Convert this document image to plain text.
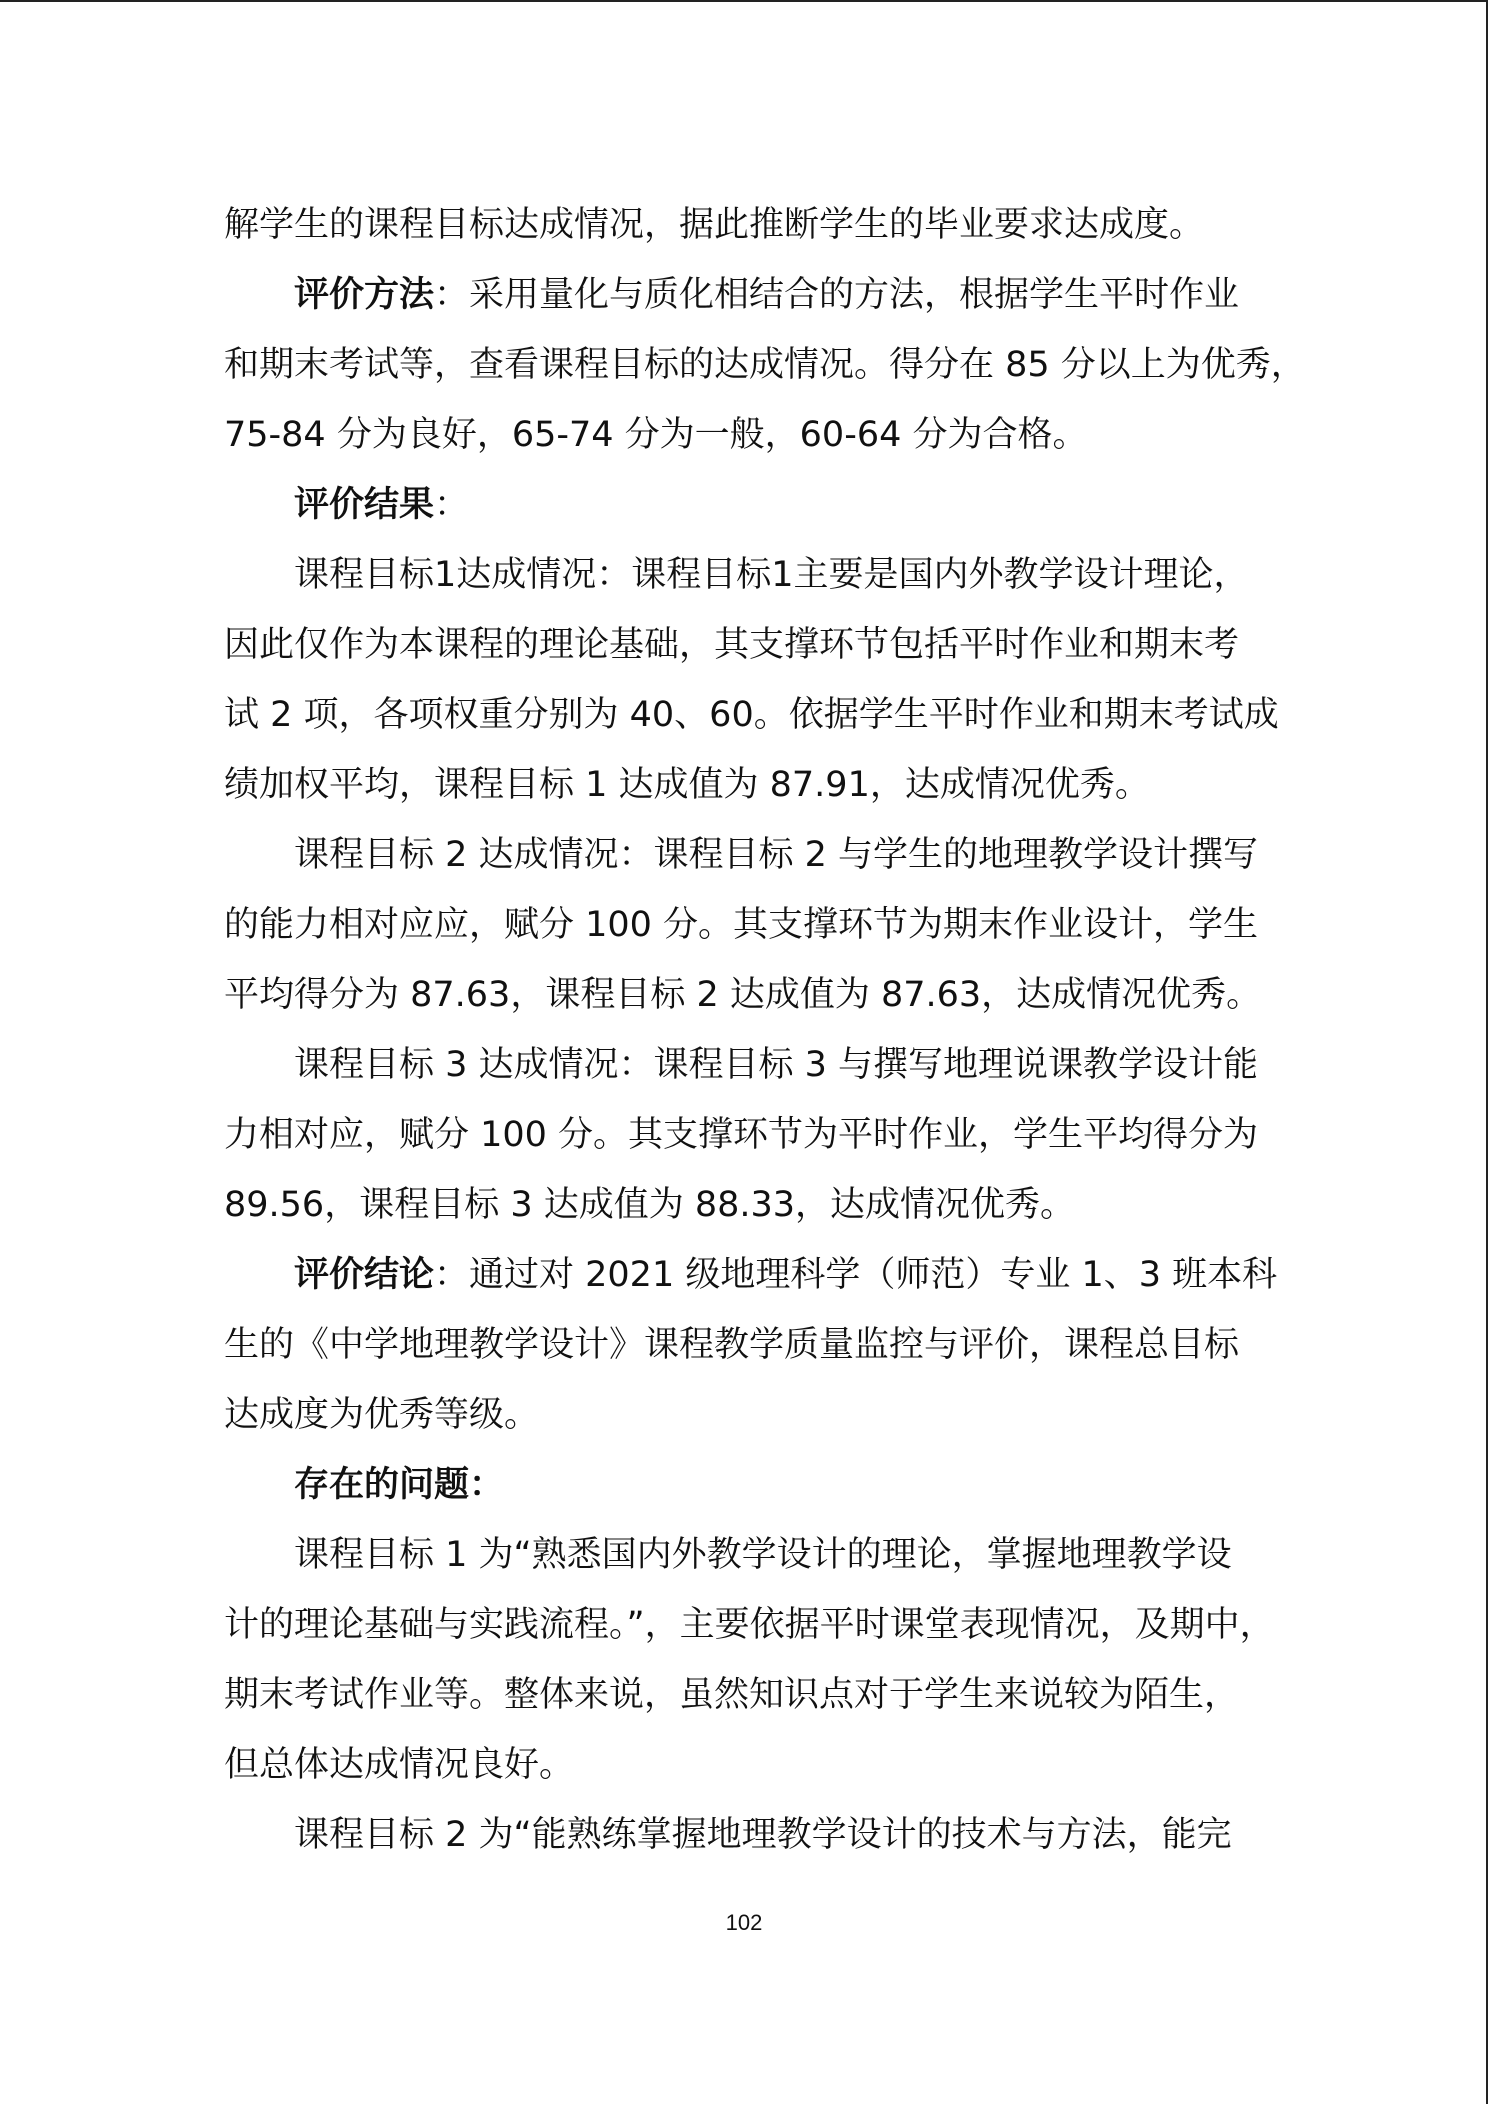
解学生的课程目标达成情况，据此推断学生的毕业要求达成度。
评价方法：采用量化与质化相结合的方法，根据学生平时作业
和期末考试等，查看课程目标的达成情况。得分在 85 分以上为优秀，
75-84 分为良好，65-74 分为一般，60-64 分为合格。
评价结果：
课程目标1达成情况：课程目标1主要是国内外教学设计理论，
因此仅作为本课程的理论基础，其支撑环节包括平时作业和期末考
试 2 项，各项权重分别为 40、60。依据学生平时作业和期末考试成
绩加权平均，课程目标 1 达成值为 87.91，达成情况优秀。
课程目标 2 达成情况：课程目标 2 与学生的地理教学设计撰写
的能力相对应应，赋分 100 分。其支撑环节为期末作业设计，学生
平均得分为 87.63，课程目标 2 达成值为 87.63，达成情况优秀。
课程目标 3 达成情况：课程目标 3 与撰写地理说课教学设计能
力相对应，赋分 100 分。其支撑环节为平时作业，学生平均得分为
89.56，课程目标 3 达成值为 88.33，达成情况优秀。
评价结论：通过对 2021 级地理科学（师范）专业 1、3 班本科
生的《中学地理教学设计》课程教学质量监控与评价，课程总目标
达成度为优秀等级。
存在的问题：
课程目标 1 为“熟悉国内外教学设计的理论，掌握地理教学设
计的理论基础与实践流程。”，主要依据平时课堂表现情况，及期中，
期末考试作业等。整体来说，虽然知识点对于学生来说较为陌生，
但总体达成情况良好。
课程目标 2 为“能熟练掌握地理教学设计的技术与方法，能完
102
